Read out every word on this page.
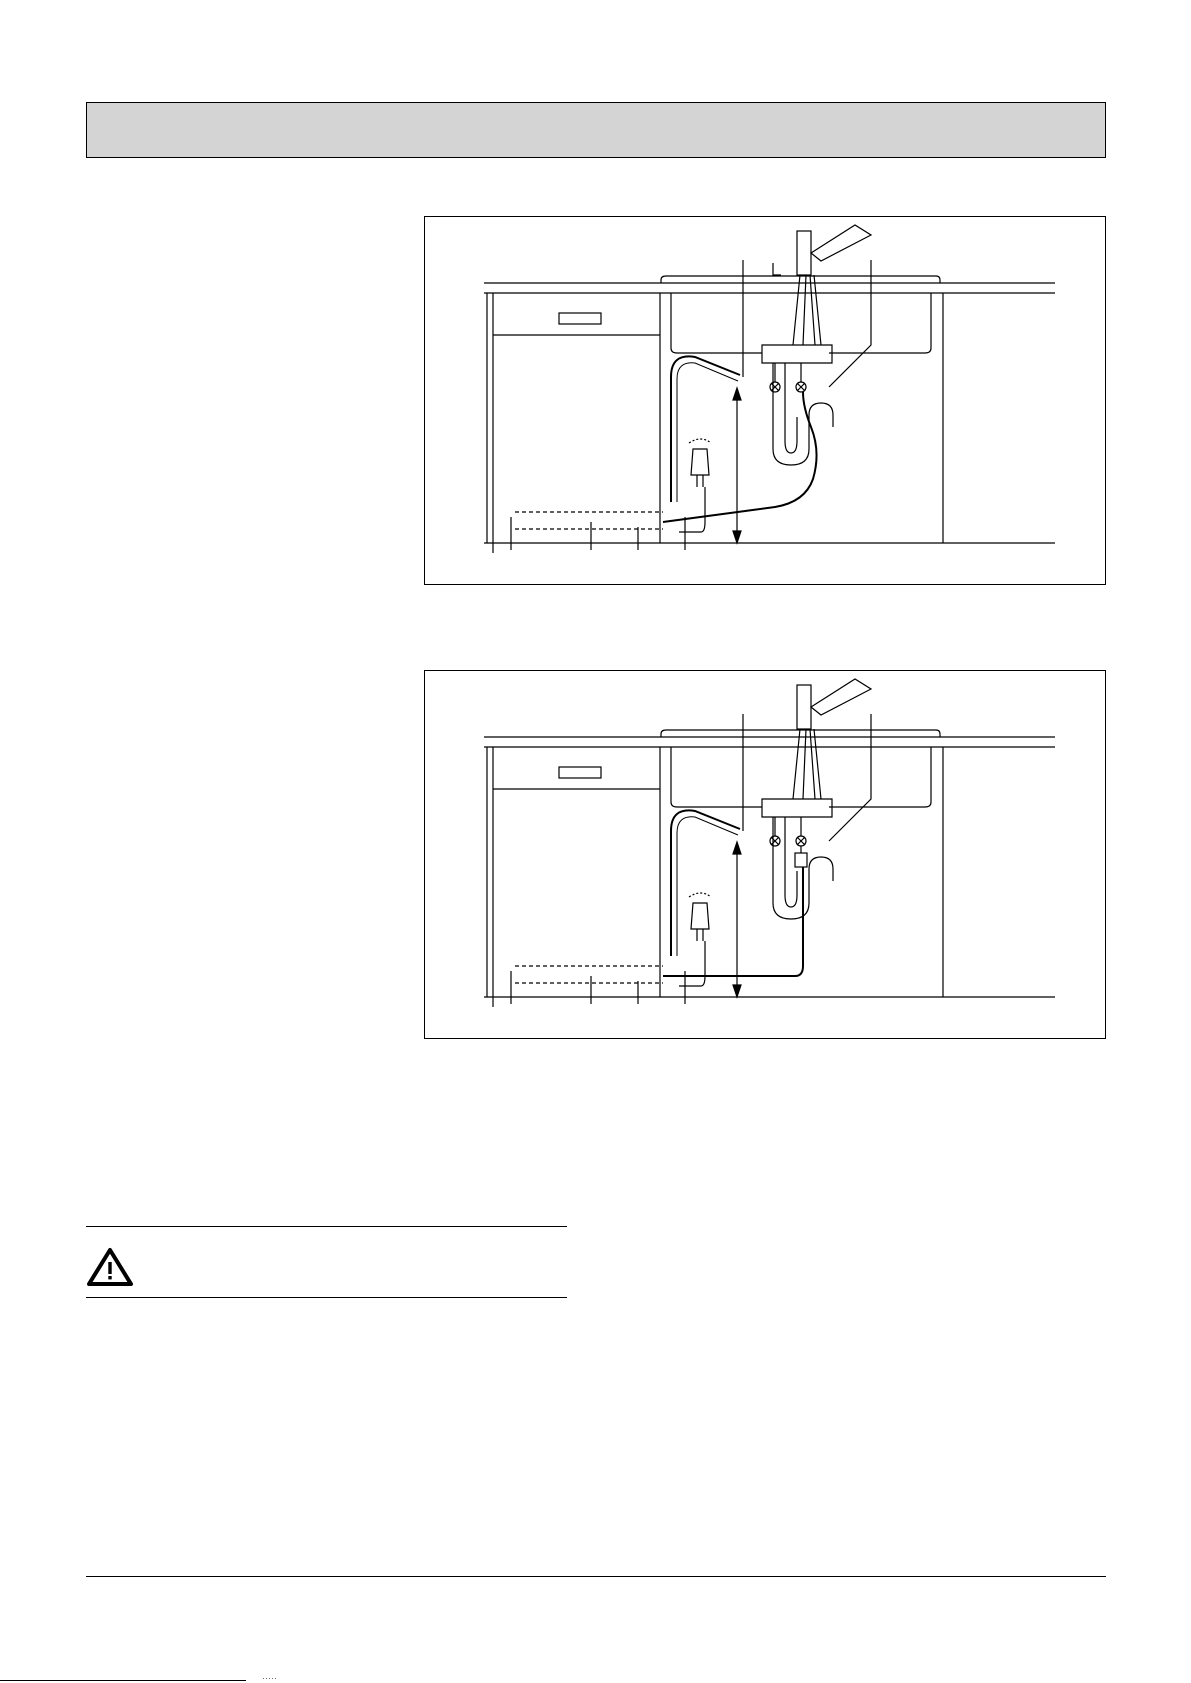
·····
